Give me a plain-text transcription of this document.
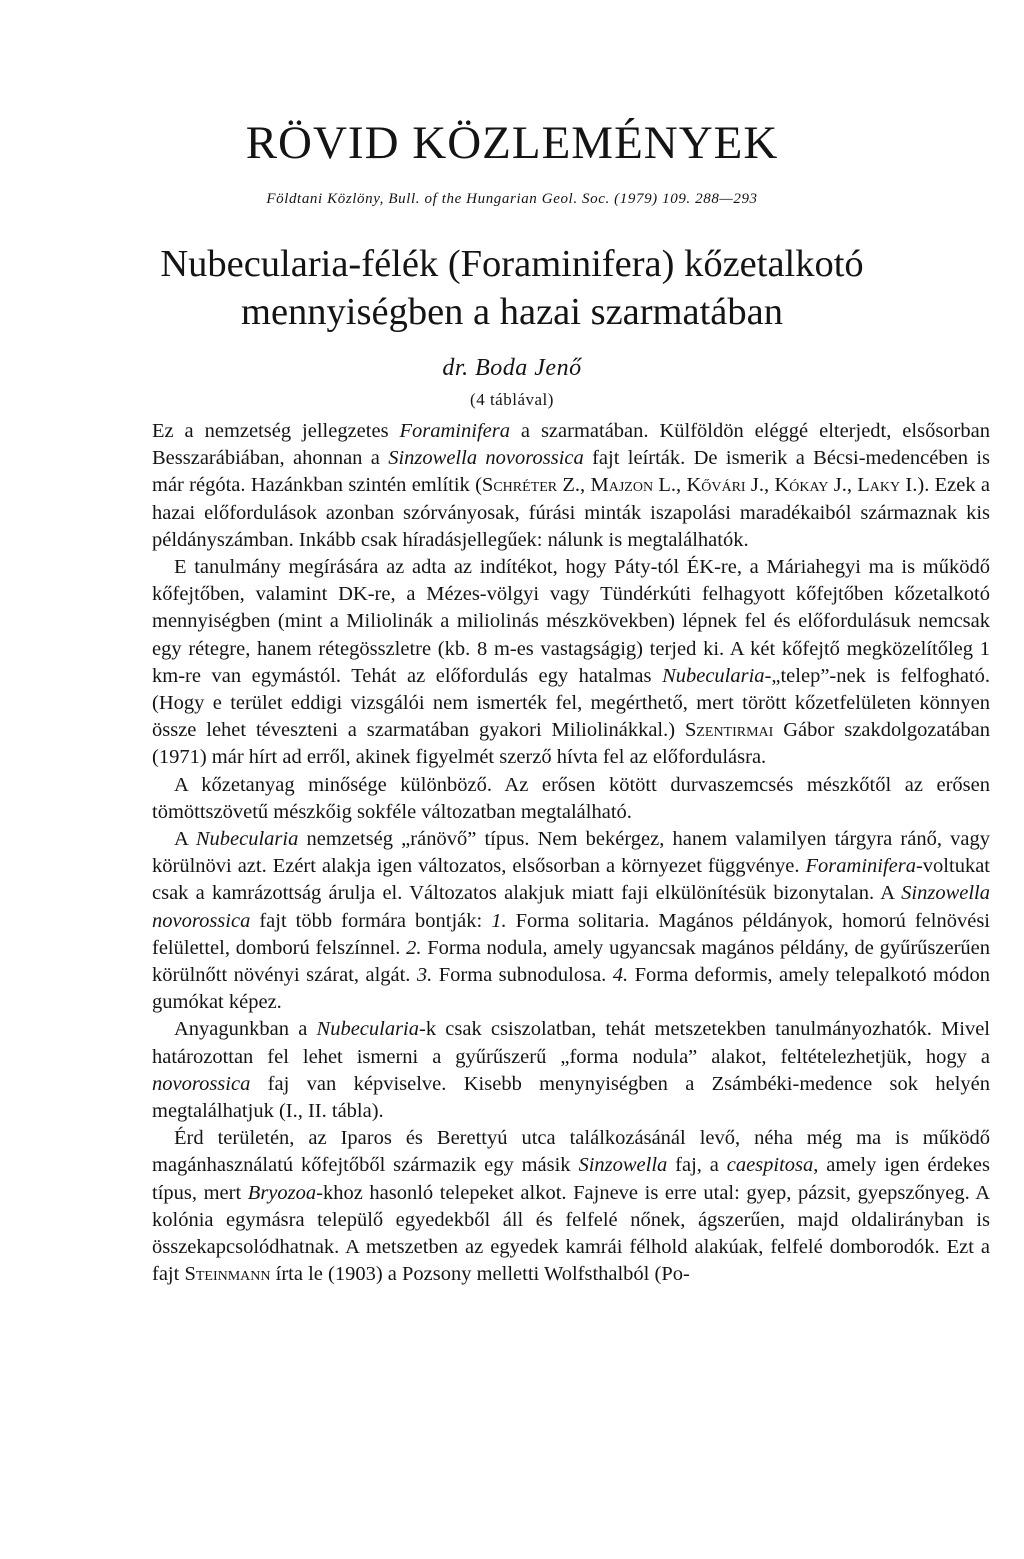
RÖVID KÖZLEMÉNYEK

Földtani Közlöny, Bull. of the Hungarian Geol. Soc. (1979) 109. 288—293

Nubecularia-félék (Foraminifera) kőzetalkotó mennyiségben a hazai szarmatában

dr. Boda Jenő

(4 táblával)

Ez a nemzetség jellegzetes Foraminifera a szarmatában. Külföldön eléggé elterjedt, elsősorban Besszarábiában, ahonnan a Sinzowella novorossica fajt leírták. De ismerik a Bécsi-medencében is már régóta. Hazánkban szintén említik (Schréter Z., Majzon L., Kővári J., Kókay J., Laky I.). Ezek a hazai előfordulások azonban szórványosak, fúrási minták iszapolási maradékaiból származnak kis példányszámban. Inkább csak híradásjellegűek: nálunk is megtalálhatók.

E tanulmány megírására az adta az indítékot, hogy Páty-tól ÉK-re, a Máriahegyi ma is működő kőfejtőben, valamint DK-re, a Mézes-völgyi vagy Tündérkúti felhagyott kőfejtőben kőzetalkotó mennyiségben (mint a Miliolinák a miliolinás mészkövekben) lépnek fel és előfordulásuk nemcsak egy rétegre, hanem rétegösszletre (kb. 8 m-es vastagságig) terjed ki. A két kőfejtő megközelítőleg 1 km-re van egymástól. Tehát az előfordulás egy hatalmas Nubecularia-„telep”-nek is felfogható. (Hogy e terület eddigi vizsgálói nem ismerték fel, megérthető, mert törött kőzetfelületen könnyen össze lehet téveszteni a szarmatában gyakori Miliolinákkal.) Szentirmai Gábor szakdolgozatában (1971) már hírt ad erről, akinek figyelmét szerző hívta fel az előfordulásra.

A kőzetanyag minősége különböző. Az erősen kötött durvaszemcsés mészkőtől az erősen tömöttszövetű mészkőig sokféle változatban megtalálható.

A Nubecularia nemzetség „ránövő” típus. Nem bekérgez, hanem valamilyen tárgyra ránő, vagy körülnövi azt. Ezért alakja igen változatos, elsősorban a környezet függvénye. Foraminifera-voltukat csak a kamrázottság árulja el. Változatos alakjuk miatt faji elkülönítésük bizonytalan. A Sinzowella novorossica fajt több formára bontják: 1. Forma solitaria. Magános példányok, homorú felnövési felülettel, domború felszínnel. 2. Forma nodula, amely ugyancsak magános példány, de gyűrűszerűen körülnőtt növényi szárat, algát. 3. Forma subnodulosa. 4. Forma deformis, amely telepalkotó módon gumókat képez.

Anyagunkban a Nubecularia-k csak csiszolatban, tehát metszetekben tanulmányozhatók. Mivel határozottan fel lehet ismerni a gyűrűszerű „forma nodula” alakot, feltételezhetjük, hogy a novorossica faj van képviselve. Kisebb menynyiségben a Zsámbéki-medence sok helyén megtalálhatjuk (I., II. tábla).

Érd területén, az Iparos és Berettyú utca találkozásánál levő, néha még ma is működő magánhasználatú kőfejtőből származik egy másik Sinzowella faj, a caespitosa, amely igen érdekes típus, mert Bryozoa-khoz hasonló telepeket alkot. Fajneve is erre utal: gyep, pázsit, gyepszőnyeg. A kolónia egymásra települő egyedekből áll és felfelé nőnek, ágszerűen, majd oldalirányban is összekapcsolódhatnak. A metszetben az egyedek kamrái félhold alakúak, felfelé domborodók. Ezt a fajt Steinmann írta le (1903) a Pozsony melletti Wolfsthalból (Po-
